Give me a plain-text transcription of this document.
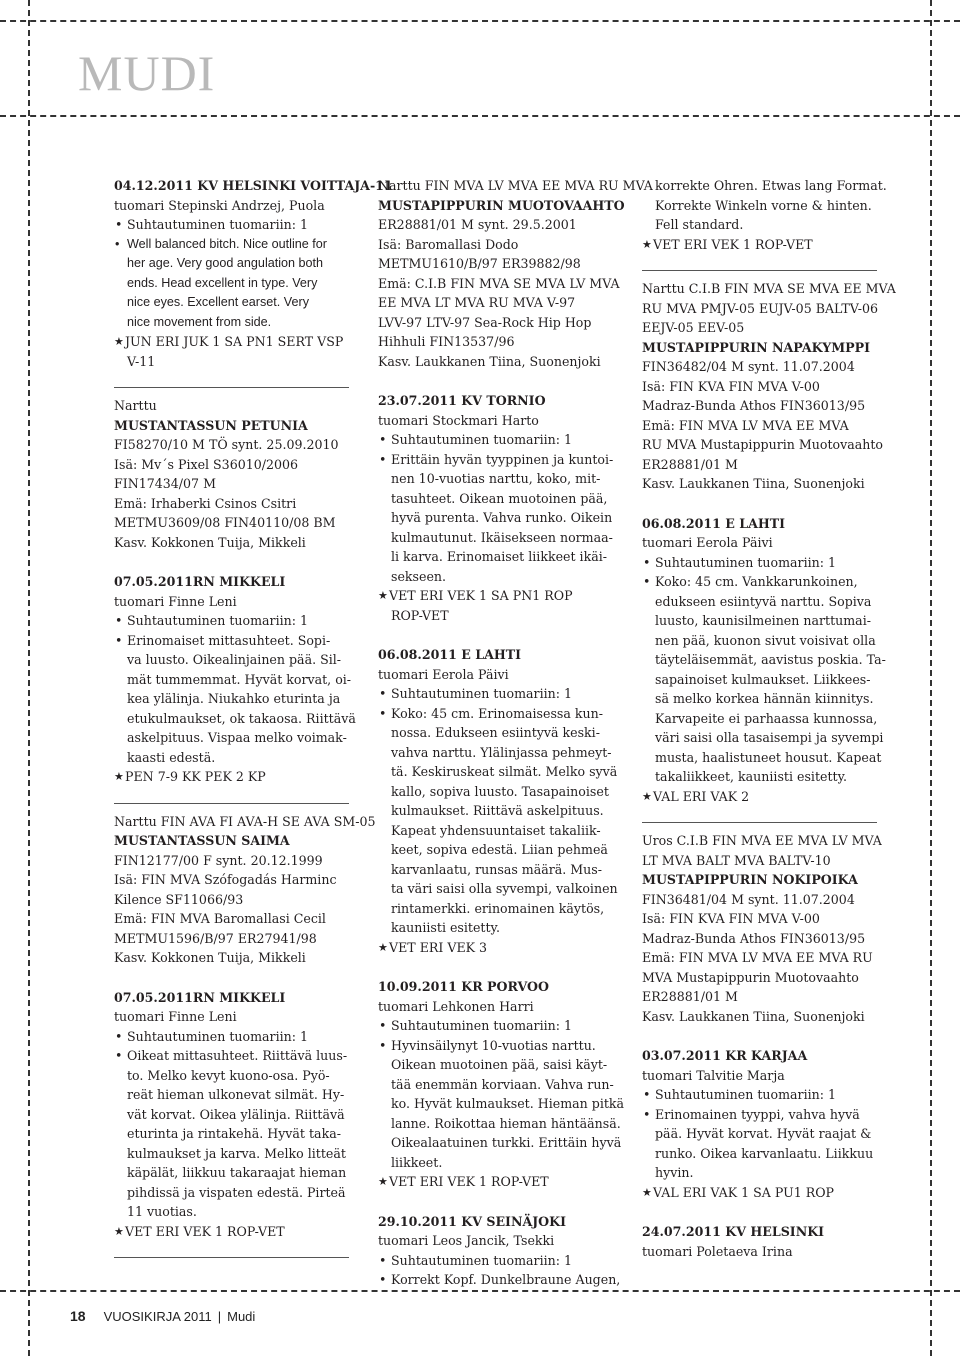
MUDI
04.12.2011 KV HELSINKI VOITTAJA-11
tuomari Stepinski Andrzej, Puola
• Suhtautuminen tuomariin: 1
• Well balanced bitch. Nice outline for
her age. Very good angulation both
ends. Head excellent in type. Very
nice eyes. Excellent earset. Very
nice movement from side.
★ JUN ERI JUK 1 SA PN1 SERT VSP
V-11
Narttu
MUSTANTASSUN PETUNIA
FI58270/10 M TÖ synt. 25.09.2010
Isä: Mv´s Pixel S36010/2006
FIN17434/07 M
Emä: Irhaberki Csinos Csitri
METMU3609/08 FIN40110/08 BM
Kasv. Kokkonen Tuija, Mikkeli
07.05.2011RN MIKKELI
tuomari Finne Leni
• Suhtautuminen tuomariin: 1
• Erinomaiset mittasuhteet. Sopi-
va luusto. Oikealinjainen pää. Sil-
mät tummemmat. Hyvät korvat, oi-
kea ylälinja. Niukahko eturinta ja
etukulmaukset, ok takaosa. Riittävä
askelpituus. Vispaa melko voimak-
kaasti edestä.
★ PEN 7-9 KK PEK 2 KP
Narttu FIN AVA FI AVA-H SE AVA SM-05
MUSTANTASSUN SAIMA
FIN12177/00 F synt. 20.12.1999
Isä: FIN MVA Szófogadás Harminc
Kilence SF11066/93
Emä: FIN MVA Baromallasi Cecil
METMU1596/B/97 ER27941/98
Kasv. Kokkonen Tuija, Mikkeli
07.05.2011RN MIKKELI
tuomari Finne Leni
• Suhtautuminen tuomariin: 1
• Oikeat mittasuhteet. Riittävä luus-
to. Melko kevyt kuono-osa. Pyö-
reät hieman ulkonevat silmät. Hy-
vät korvat. Oikea ylälinja. Riittävä
eturinta ja rintakehä. Hyvät taka-
kulmaukset ja karva. Melko litteät
käpälät, liikkuu takaraajat hieman
pihdissä ja vispaten edestä. Pirteä
11 vuotias.
★ VET ERI VEK 1 ROP-VET
Narttu FIN MVA LV MVA EE MVA RU MVA
MUSTAPIPPURIN MUOTOVAAHTO
ER28881/01 M synt. 29.5.2001
Isä: Baromallasi Dodo
METMU1610/B/97 ER39882/98
Emä: C.I.B FIN MVA SE MVA LV MVA
EE MVA LT MVA RU MVA V-97
LVV-97 LTV-97 Sea-Rock Hip Hop
Hihhuli FIN13537/96
Kasv. Laukkanen Tiina, Suonenjoki
23.07.2011 KV TORNIO
tuomari Stockmari Harto
• Suhtautuminen tuomariin: 1
• Erittäin hyvän tyyppinen ja kuntoi-
nen 10-vuotias narttu, koko, mit-
tasuhteet. Oikean muotoinen pää,
hyvä purenta. Vahva runko. Oikein
kulmautunut. Ikäisekseen normaa-
li karva. Erinomaiset liikkeet ikäi-
sekseen.
★ VET ERI VEK 1 SA PN1 ROP
ROP-VET
06.08.2011 E LAHTI
tuomari Eerola Päivi
• Suhtautuminen tuomariin: 1
• Koko: 45 cm. Erinomaisessa kun-
nossa. Edukseen esiintyvä keski-
vahva narttu. Ylälinjassa pehmeyt-
tä. Keskiruskeat silmät. Melko syvä
kallo, sopiva luusto. Tasapainoiset
kulmaukset. Riittävä askelpituus.
Kapeat yhdensuuntaiset takaliik-
keet, sopiva edestä. Liian pehmeä
karvanlaatu, runsas määrä. Mus-
ta väri saisi olla syvempi, valkoinen
rintamerkki. erinomainen käytös,
kauniisti esitetty.
★ VET ERI VEK 3
10.09.2011 KR PORVOO
tuomari Lehkonen Harri
• Suhtautuminen tuomariin: 1
• Hyvinsäilynyt 10-vuotias narttu.
Oikean muotoinen pää, saisi käyt-
tää enemmän korviaan. Vahva run-
ko. Hyvät kulmaukset. Hieman pitkä
lanne. Roikottaa hieman häntäänsä.
Oikealaatuinen turkki. Erittäin hyvä
liikkeet.
★ VET ERI VEK 1 ROP-VET
29.10.2011 KV SEINÄJOKI
tuomari Leos Jancik, Tsekki
• Suhtautuminen tuomariin: 1
• Korrekt Kopf. Dunkelbraune Augen,
korrekte Ohren. Etwas lang Format.
Korrekte Winkeln vorne & hinten.
Fell standard.
★ VET ERI VEK 1 ROP-VET
Narttu C.I.B FIN MVA SE MVA EE MVA
RU MVA PMJV-05 EUJV-05 BALTV-06
EEJV-05 EEV-05
MUSTAPIPPURIN NAPAKYMPPI
FIN36482/04 M synt. 11.07.2004
Isä: FIN KVA FIN MVA V-00
Madraz-Bunda Athos FIN36013/95
Emä: FIN MVA LV MVA EE MVA
RU MVA Mustapippurin Muotovaahto
ER28881/01 M
Kasv. Laukkanen Tiina, Suonenjoki
06.08.2011 E LAHTI
tuomari Eerola Päivi
• Suhtautuminen tuomariin: 1
• Koko: 45 cm. Vankkarunkoinen,
edukseen esiintyvä narttu. Sopiva
luusto, kaunisilmeinen narttumai-
nen pää, kuonon sivut voisivat olla
täyteläisemmät, aavistus poskia. Ta-
sapainoiset kulmaukset. Liikkees-
sä melko korkea hännän kiinnitys.
Karvapeite ei parhaassa kunnossa,
väri saisi olla tasaisempi ja syvempi
musta, haalistuneet housut. Kapeat
takaliikkeet, kauniisti esitetty.
★ VAL ERI VAK 2
Uros C.I.B FIN MVA EE MVA LV MVA
LT MVA BALT MVA BALTV-10
MUSTAPIPPURIN NOKIPOIKA
FIN36481/04 M synt. 11.07.2004
Isä: FIN KVA FIN MVA V-00
Madraz-Bunda Athos FIN36013/95
Emä: FIN MVA LV MVA EE MVA RU
MVA Mustapippurin Muotovaahto
ER28881/01 M
Kasv. Laukkanen Tiina, Suonenjoki
03.07.2011 KR KARJAA
tuomari Talvitie Marja
• Suhtautuminen tuomariin: 1
• Erinomainen tyyppi, vahva hyvä
pää. Hyvät korvat. Hyvät raajat &
runko. Oikea karvanlaatu. Liikkuu
hyvin.
★ VAL ERI VAK 1 SA PU1 ROP
24.07.2011 KV HELSINKI
tuomari Poletaeva Irina
18 VUOSIKIRJA 2011 | Mudi
